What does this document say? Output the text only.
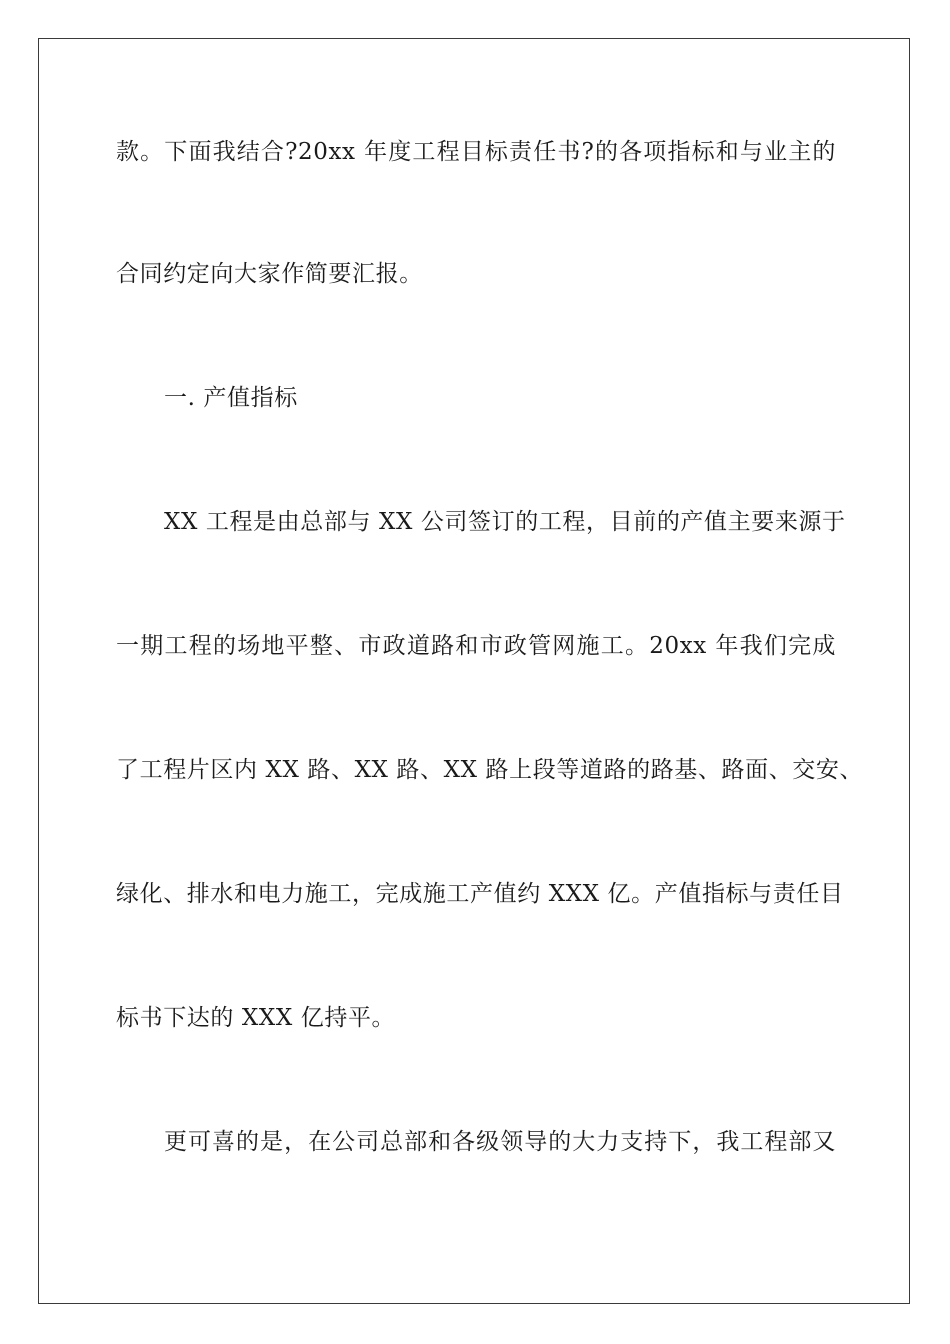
款。下面我结合?20xx 年度工程目标责任书?的各项指标和与业主的
合同约定向大家作简要汇报。
一. 产值指标
XX 工程是由总部与 XX 公司签订的工程，目前的产值主要来源于
一期工程的场地平整、市政道路和市政管网施工。20xx 年我们完成
了工程片区内 XX 路、XX 路、XX 路上段等道路的路基、路面、交安、
绿化、排水和电力施工，完成施工产值约 XXX 亿。产值指标与责任目
标书下达的 XXX 亿持平。
更可喜的是，在公司总部和各级领导的大力支持下，我工程部又
